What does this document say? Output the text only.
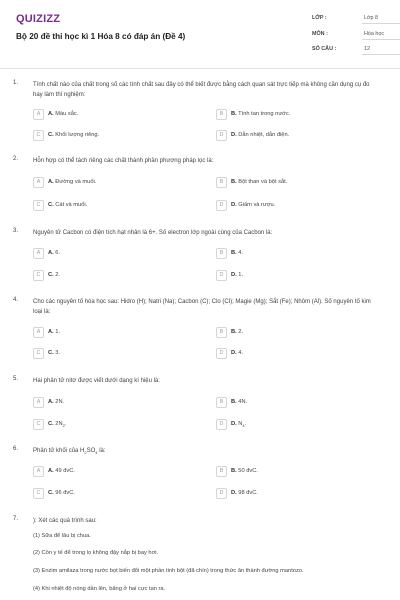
QUIZIZZ
Bộ 20 đề thi học kì 1 Hóa 8 có đáp án (Đề 4)
LỚP :	Lớp 8
MÔN :	Hóa học
SỐ CÂU :	12
1. Tính chất nào của chất trong số các tính chất sau đây có thể biết được bằng cách quan sát trực tiếp mà không cần dụng cụ đo hay làm thí nghiệm:
A	A. Màu sắc.	B	B. Tính tan trong nước.
C	C. Khối lượng riêng.	D	D. Dẫn nhiệt, dẫn điện.
2. Hỗn hợp có thể tách riêng các chất thành phần phương pháp lọc là:
A	A. Đường và muối.	B	B. Bột than và bột sắt.
C	C. Cát và muối.	D	D. Giấm và rượu.
3. Nguyên tử Cacbon có điện tích hạt nhân là 6+. Số electron lớp ngoài cùng của Cacbon là:
A	A. 6.	B	B. 4.
C	C. 2.	D	D. 1.
4. Cho các nguyên tố hóa học sau: Hidro (H); Natri (Na); Cacbon (C); Clo (Cl); Magie (Mg); Sắt (Fe); Nhôm (Al). Số nguyên tố kim loại là:
A	A. 1.	B	B. 2.
C	C. 3.	D	D. 4.
5. Hai phân tử nitơ được viết dưới dạng kí hiệu là:
A	A. 2N.	B	B. 4N.
C	C. $2N_2$.	D	D. $N_4$.
6. Phân tử khối của $H_2SO_4$ là:
A	A. 49 đvC.	B	B. 50 đvC.
C	C. 96 đvC.	D	D. 98 đvC.
7. ): Xét các quá trình sau:
(1) Sữa để lâu bị chua.
(2) Cồn y tế để trong lọ không đậy nắp bị bay hơi.
(3) Enzim amilaza trong nước bọt biến đổi một phần tinh bột (đã chín) trong thức ăn thành đường mantozo.
(4) Khi nhiệt độ nóng dần lên, băng ở hai cực tan ra.
